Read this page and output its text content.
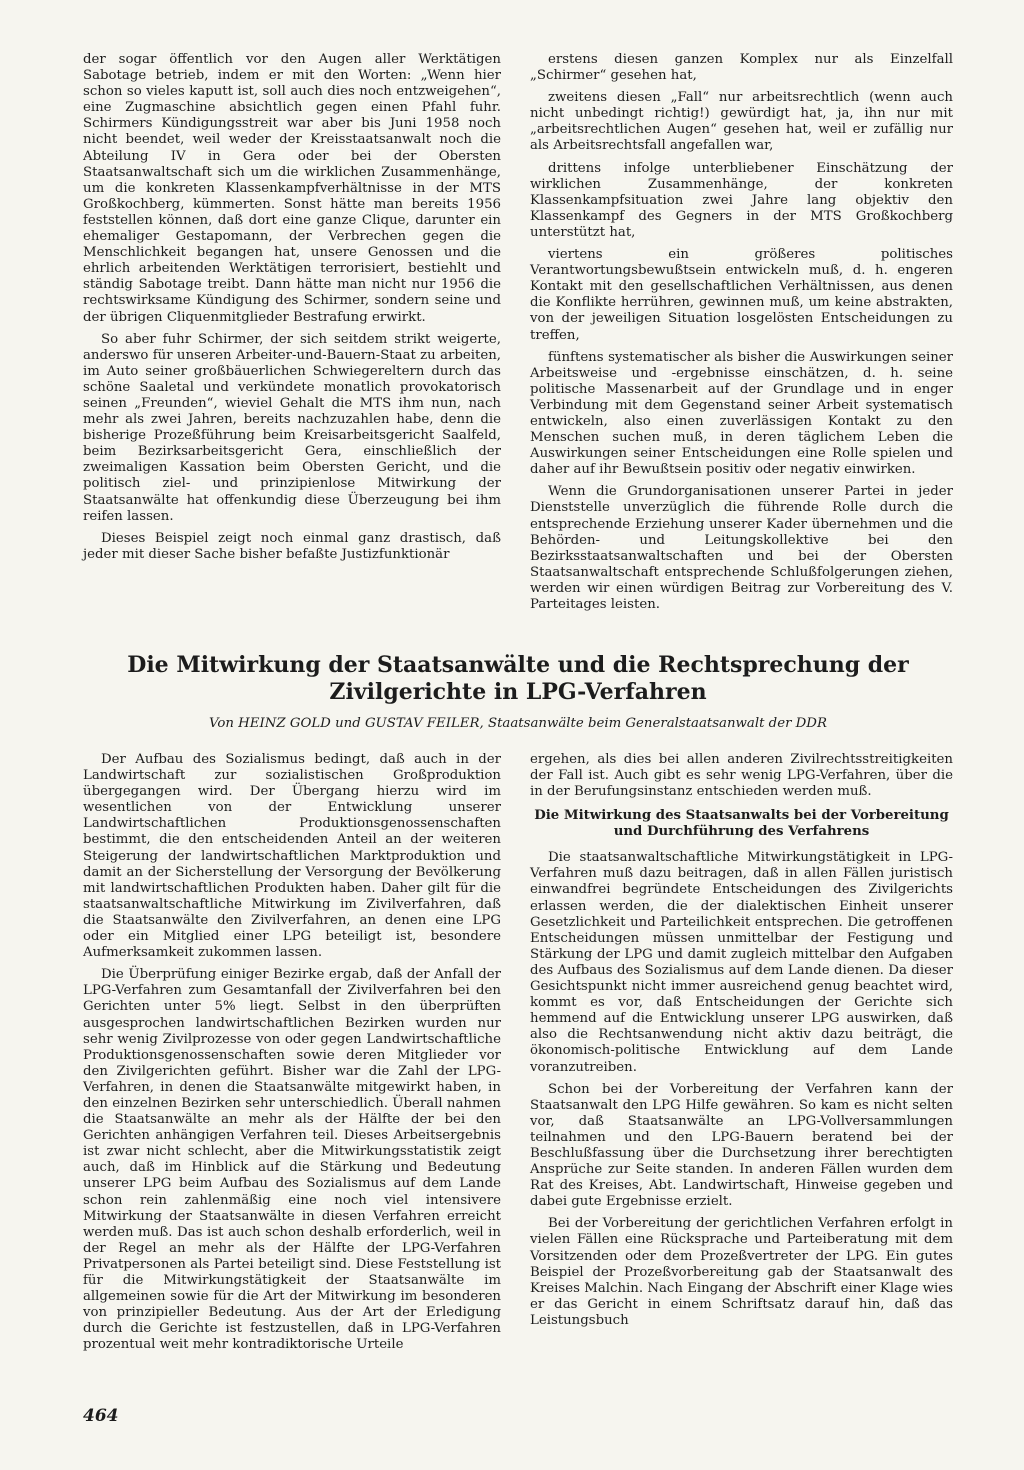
der sogar öffentlich vor den Augen aller Werktätigen Sabotage betrieb, indem er mit den Worten: „Wenn hier schon so vieles kaputt ist, soll auch dies noch entzweigehen“, eine Zugmaschine absichtlich gegen einen Pfahl fuhr. Schirmers Kündigungsstreit war aber bis Juni 1958 noch nicht beendet, weil weder der Kreisstaatsanwalt noch die Abteilung IV in Gera oder bei der Obersten Staatsanwaltschaft sich um die wirklichen Zusammenhänge, um die konkreten Klassenkampfverhältnisse in der MTS Großkochberg, kümmerten. Sonst hätte man bereits 1956 feststellen können, daß dort eine ganze Clique, darunter ein ehemaliger Gestapomann, der Verbrechen gegen die Menschlichkeit begangen hat, unsere Genossen und die ehrlich arbeitenden Werktätigen terrorisiert, bestiehlt und ständig Sabotage treibt. Dann hätte man nicht nur 1956 die rechtswirksame Kündigung des Schirmer, sondern seine und der übrigen Cliquenmitglieder Bestrafung erwirkt.

So aber fuhr Schirmer, der sich seitdem strikt weigerte, anderswo für unseren Arbeiter-und-Bauern-Staat zu arbeiten, im Auto seiner großbäuerlichen Schwiegereltern durch das schöne Saaletal und verkündete monatlich provokatorisch seinen „Freunden“, wieviel Gehalt die MTS ihm nun, nach mehr als zwei Jahren, bereits nachzuzahlen habe, denn die bisherige Prozeßführung beim Kreisarbeitsgericht Saalfeld, beim Bezirksarbeitsgericht Gera, einschließlich der zweimaligen Kassation beim Obersten Gericht, und die politisch ziel- und prinzipienlose Mitwirkung der Staatsanwälte hat offenkundig diese Überzeugung bei ihm reifen lassen.

Dieses Beispiel zeigt noch einmal ganz drastisch, daß jeder mit dieser Sache bisher befaßte Justizfunktionär

erstens diesen ganzen Komplex nur als Einzelfall „Schirmer“ gesehen hat,

zweitens diesen „Fall“ nur arbeitsrechtlich (wenn auch nicht unbedingt richtig!) gewürdigt hat, ja, ihn nur mit „arbeitsrechtlichen Augen“ gesehen hat, weil er zufällig nur als Arbeitsrechtsfall angefallen war,

drittens infolge unterbliebener Einschätzung der wirklichen Zusammenhänge, der konkreten Klassenkampfsituation zwei Jahre lang objektiv den Klassenkampf des Gegners in der MTS Großkochberg unterstützt hat,

viertens ein größeres politisches Verantwortungsbewußtsein entwickeln muß, d. h. engeren Kontakt mit den gesellschaftlichen Verhältnissen, aus denen die Konflikte herrühren, gewinnen muß, um keine abstrakten, von der jeweiligen Situation losgelösten Entscheidungen zu treffen,

fünftens systematischer als bisher die Auswirkungen seiner Arbeitsweise und -ergebnisse einschätzen, d. h. seine politische Massenarbeit auf der Grundlage und in enger Verbindung mit dem Gegenstand seiner Arbeit systematisch entwickeln, also einen zuverlässigen Kontakt zu den Menschen suchen muß, in deren täglichem Leben die Auswirkungen seiner Entscheidungen eine Rolle spielen und daher auf ihr Bewußtsein positiv oder negativ einwirken.

Wenn die Grundorganisationen unserer Partei in jeder Dienststelle unverzüglich die führende Rolle durch die entsprechende Erziehung unserer Kader übernehmen und die Behörden- und Leitungskollektive bei den Bezirksstaatsanwaltschaften und bei der Obersten Staatsanwaltschaft entsprechende Schlußfolgerungen ziehen, werden wir einen würdigen Beitrag zur Vorbereitung des V. Parteitages leisten.

Die Mitwirkung der Staatsanwälte und die Rechtsprechung der Zivilgerichte in LPG-Verfahren
Von HEINZ GOLD und GUSTAV FEILER, Staatsanwälte beim Generalstaatsanwalt der DDR

Der Aufbau des Sozialismus bedingt, daß auch in der Landwirtschaft zur sozialistischen Großproduktion übergegangen wird. Der Übergang hierzu wird im wesentlichen von der Entwicklung unserer Landwirtschaftlichen Produktionsgenossenschaften bestimmt, die den entscheidenden Anteil an der weiteren Steigerung der landwirtschaftlichen Marktproduktion und damit an der Sicherstellung der Versorgung der Bevölkerung mit landwirtschaftlichen Produkten haben. Daher gilt für die staatsanwaltschaftliche Mitwirkung im Zivilverfahren, daß die Staatsanwälte den Zivilverfahren, an denen eine LPG oder ein Mitglied einer LPG beteiligt ist, besondere Aufmerksamkeit zukommen lassen.

Die Überprüfung einiger Bezirke ergab, daß der Anfall der LPG-Verfahren zum Gesamtanfall der Zivilverfahren bei den Gerichten unter 5% liegt. Selbst in den überprüften ausgesprochen landwirtschaftlichen Bezirken wurden nur sehr wenig Zivilprozesse von oder gegen Landwirtschaftliche Produktionsgenossenschaften sowie deren Mitglieder vor den Zivilgerichten geführt. Bisher war die Zahl der LPG-Verfahren, in denen die Staatsanwälte mitgewirkt haben, in den einzelnen Bezirken sehr unterschiedlich. Überall nahmen die Staatsanwälte an mehr als der Hälfte der bei den Gerichten anhängigen Verfahren teil. Dieses Arbeitsergebnis ist zwar nicht schlecht, aber die Mitwirkungsstatistik zeigt auch, daß im Hinblick auf die Stärkung und Bedeutung unserer LPG beim Aufbau des Sozialismus auf dem Lande schon rein zahlenmäßig eine noch viel intensivere Mitwirkung der Staatsanwälte in diesen Verfahren erreicht werden muß. Das ist auch schon deshalb erforderlich, weil in der Regel an mehr als der Hälfte der LPG-Verfahren Privatpersonen als Partei beteiligt sind. Diese Feststellung ist für die Mitwirkungstätigkeit der Staatsanwälte im allgemeinen sowie für die Art der Mitwirkung im besonderen von prinzipieller Bedeutung. Aus der Art der Erledigung durch die Gerichte ist festzustellen, daß in LPG-Verfahren prozentual weit mehr kontradiktorische Urteile

ergehen, als dies bei allen anderen Zivilrechtsstreitigkeiten der Fall ist. Auch gibt es sehr wenig LPG-Verfahren, über die in der Berufungsinstanz entschieden werden muß.

Die Mitwirkung des Staatsanwalts bei der Vorbereitung und Durchführung des Verfahrens

Die staatsanwaltschaftliche Mitwirkungstätigkeit in LPG-Verfahren muß dazu beitragen, daß in allen Fällen juristisch einwandfrei begründete Entscheidungen des Zivilgerichts erlassen werden, die der dialektischen Einheit unserer Gesetzlichkeit und Parteilichkeit entsprechen. Die getroffenen Entscheidungen müssen unmittelbar der Festigung und Stärkung der LPG und damit zugleich mittelbar den Aufgaben des Aufbaus des Sozialismus auf dem Lande dienen. Da dieser Gesichtspunkt nicht immer ausreichend genug beachtet wird, kommt es vor, daß Entscheidungen der Gerichte sich hemmend auf die Entwicklung unserer LPG auswirken, daß also die Rechtsanwendung nicht aktiv dazu beiträgt, die ökonomisch-politische Entwicklung auf dem Lande voranzutreiben.

Schon bei der Vorbereitung der Verfahren kann der Staatsanwalt den LPG Hilfe gewähren. So kam es nicht selten vor, daß Staatsanwälte an LPG-Vollversammlungen teilnahmen und den LPG-Bauern beratend bei der Beschlußfassung über die Durchsetzung ihrer berechtigten Ansprüche zur Seite standen. In anderen Fällen wurden dem Rat des Kreises, Abt. Landwirtschaft, Hinweise gegeben und dabei gute Ergebnisse erzielt.

Bei der Vorbereitung der gerichtlichen Verfahren erfolgt in vielen Fällen eine Rücksprache und Parteiberatung mit dem Vorsitzenden oder dem Prozeßvertreter der LPG. Ein gutes Beispiel der Prozeßvorbereitung gab der Staatsanwalt des Kreises Malchin. Nach Eingang der Abschrift einer Klage wies er das Gericht in einem Schriftsatz darauf hin, daß das Leistungsbuch

464
